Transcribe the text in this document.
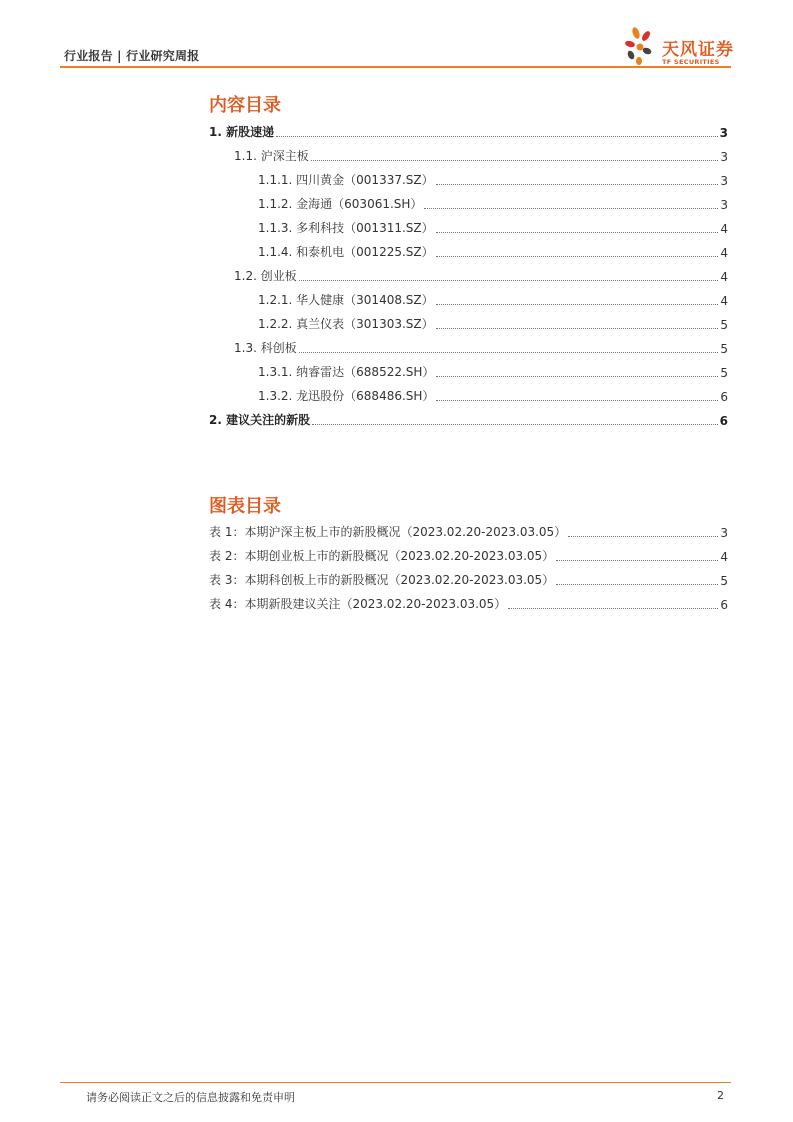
行业报告 | 行业研究周报	天风证券
TF SECURITIES
内容目录
1. 新股速递	3
1.1. 沪深主板	3
1.1.1. 四川黄金（001337.SZ）	3
1.1.2. 金海通（603061.SH）	3
1.1.3. 多利科技（001311.SZ）	4
1.1.4. 和泰机电（001225.SZ）	4
1.2. 创业板	4
1.2.1. 华人健康（301408.SZ）	4
1.2.2. 真兰仪表（301303.SZ）	5
1.3. 科创板	5
1.3.1. 纳睿雷达（688522.SH）	5
1.3.2. 龙迅股份（688486.SH）	6
2. 建议关注的新股	6
图表目录
表 1：本期沪深主板上市的新股概况（2023.02.20-2023.03.05）	3
表 2：本期创业板上市的新股概况（2023.02.20-2023.03.05）	4
表 3：本期科创板上市的新股概况（2023.02.20-2023.03.05）	5
表 4：本期新股建议关注（2023.02.20-2023.03.05）	6
请务必阅读正文之后的信息披露和免责申明	2
